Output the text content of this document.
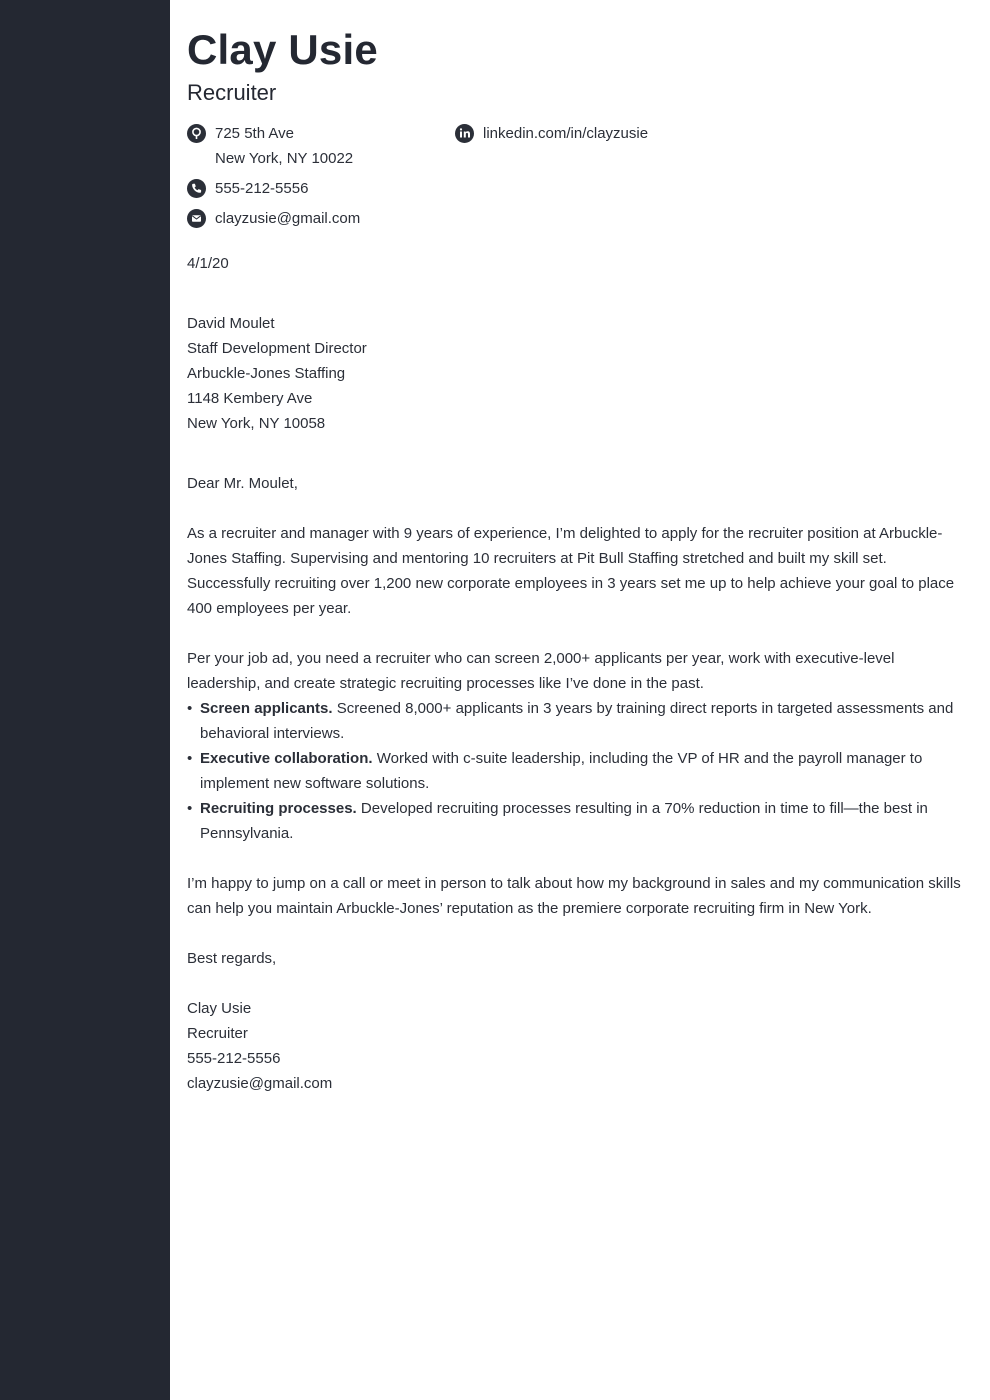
Clay Usie
Recruiter
725 5th Ave
New York, NY 10022
linkedin.com/in/clayzusie
555-212-5556
clayzusie@gmail.com
4/1/20
David Moulet
Staff Development Director
Arbuckle-Jones Staffing
1148 Kembery Ave
New York, NY 10058
Dear Mr. Moulet,
As a recruiter and manager with 9 years of experience, I’m delighted to apply for the recruiter position at Arbuckle-Jones Staffing. Supervising and mentoring 10 recruiters at Pit Bull Staffing stretched and built my skill set. Successfully recruiting over 1,200 new corporate employees in 3 years set me up to help achieve your goal to place 400 employees per year.
Per your job ad, you need a recruiter who can screen 2,000+ applicants per year, work with executive-level leadership, and create strategic recruiting processes like I’ve done in the past.
• Screen applicants. Screened 8,000+ applicants in 3 years by training direct reports in targeted assessments and behavioral interviews.
• Executive collaboration. Worked with c-suite leadership, including the VP of HR and the payroll manager to implement new software solutions.
• Recruiting processes. Developed recruiting processes resulting in a 70% reduction in time to fill—the best in Pennsylvania.
I’m happy to jump on a call or meet in person to talk about how my background in sales and my communication skills can help you maintain Arbuckle-Jones’ reputation as the premiere corporate recruiting firm in New York.
Best regards,
Clay Usie
Recruiter
555-212-5556
clayzusie@gmail.com
